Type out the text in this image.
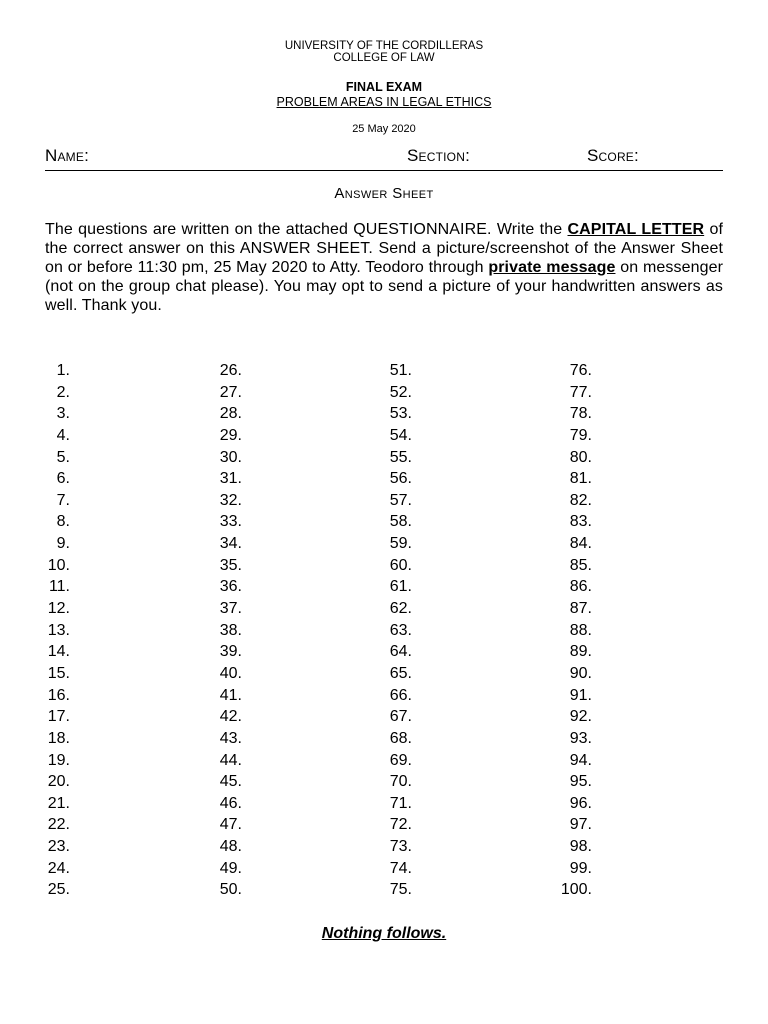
UNIVERSITY OF THE CORDILLERAS
COLLEGE OF LAW
FINAL EXAM
PROBLEM AREAS IN LEGAL ETHICS
25 May 2020
Name:	Section:	Score:
Answer Sheet
The questions are written on the attached QUESTIONNAIRE. Write the CAPITAL LETTER of the correct answer on this ANSWER SHEET. Send a picture/screenshot of the Answer Sheet on or before 11:30 pm, 25 May 2020 to Atty. Teodoro through private message on messenger (not on the group chat please). You may opt to send a picture of your handwritten answers as well. Thank you.
1.
2.
3.
4.
5.
6.
7.
8.
9.
10.
11.
12.
13.
14.
15.
16.
17.
18.
19.
20.
21.
22.
23.
24.
25.
26.
27.
28.
29.
30.
31.
32.
33.
34.
35.
36.
37.
38.
39.
40.
41.
42.
43.
44.
45.
46.
47.
48.
49.
50.
51.
52.
53.
54.
55.
56.
57.
58.
59.
60.
61.
62.
63.
64.
65.
66.
67.
68.
69.
70.
71.
72.
73.
74.
75.
76.
77.
78.
79.
80.
81.
82.
83.
84.
85.
86.
87.
88.
89.
90.
91.
92.
93.
94.
95.
96.
97.
98.
99.
100.
Nothing follows.
